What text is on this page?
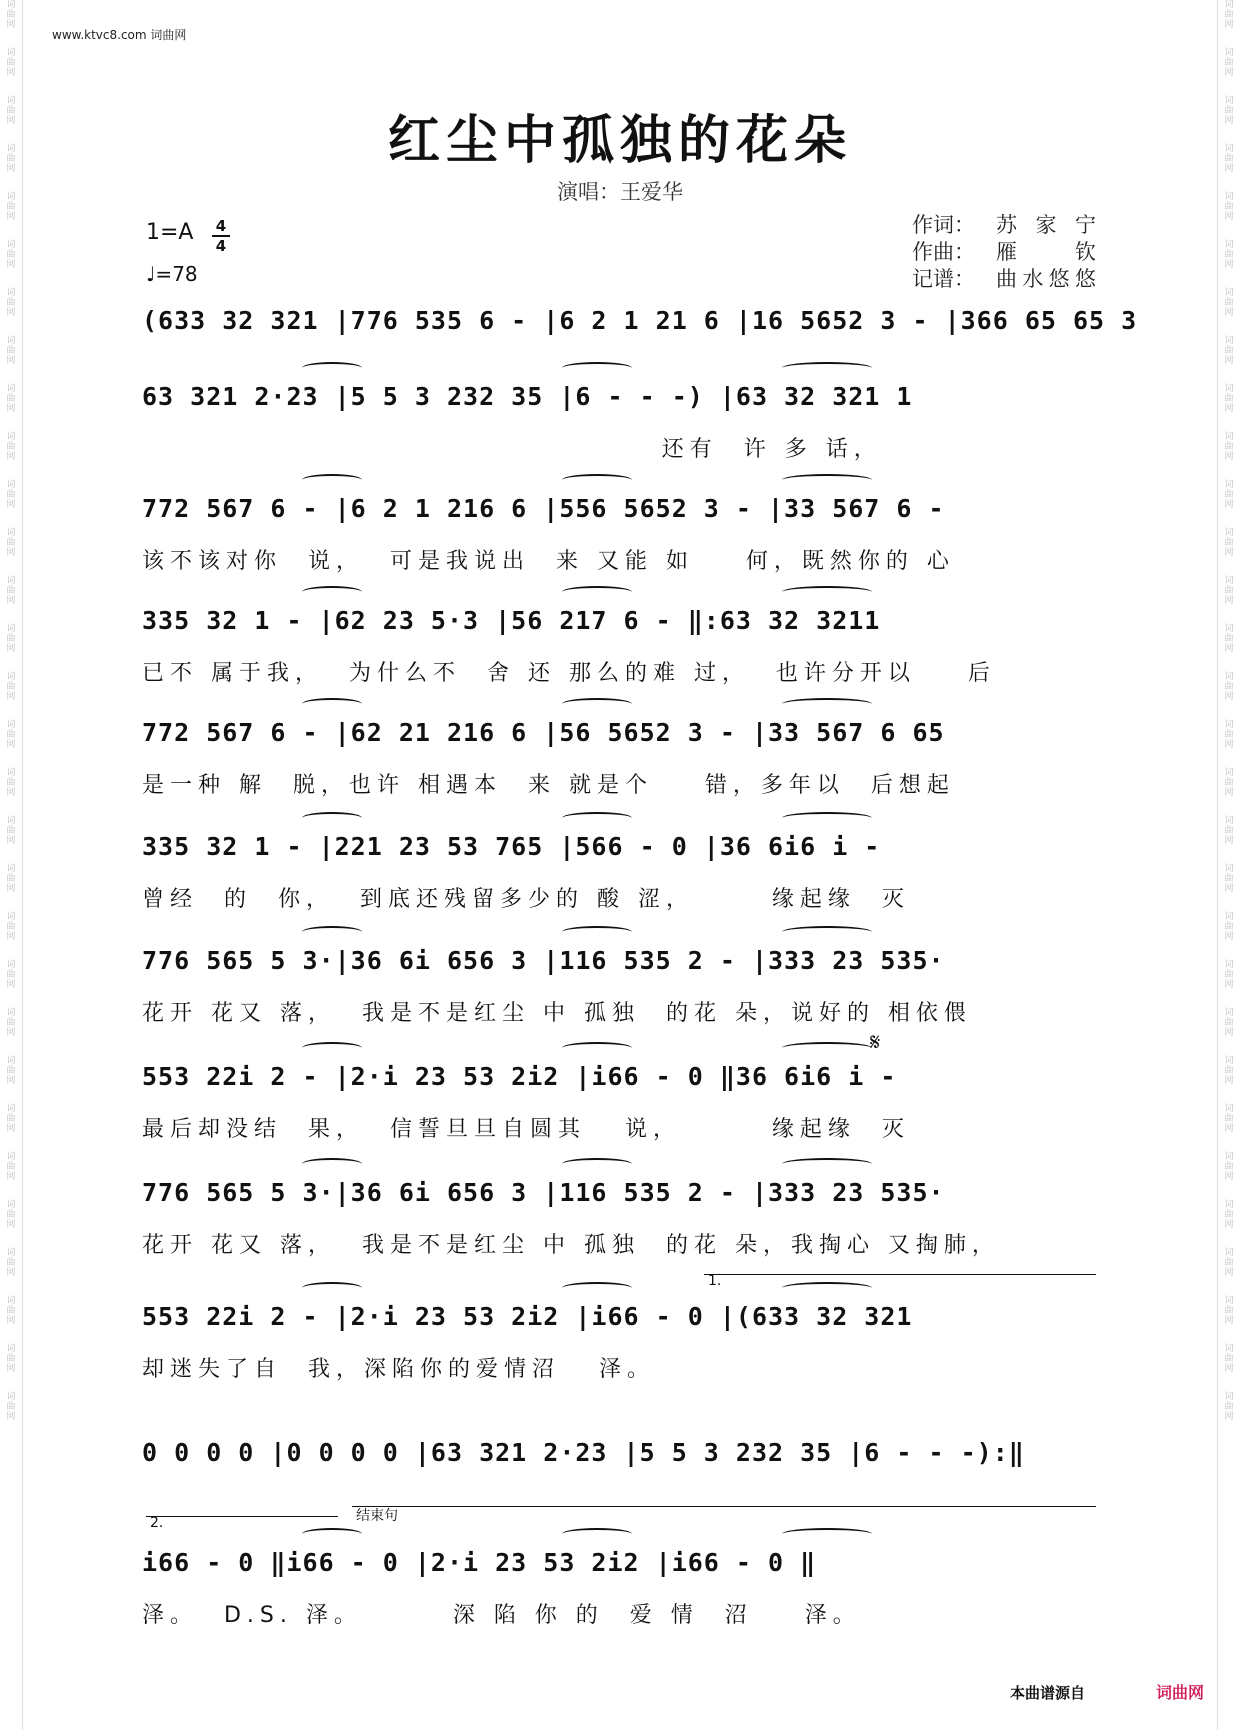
词
曲
网
词
曲
网
词
曲
网
词
曲
网
词
曲
网
词
曲
网
词
曲
网
词
曲
网
词
曲
网
词
曲
网
词
曲
网
词
曲
网
词
曲
网
词
曲
网
词
曲
网
词
曲
网
词
曲
网
词
曲
网
词
曲
网
词
曲
网
词
曲
网
词
曲
网
词
曲
网
词
曲
网
词
曲
网
词
曲
网
词
曲
网
词
曲
网
词
曲
网
词
曲
网
词
曲
网
词
曲
网
词
曲
网
词
曲
网
词
曲
网
词
曲
网
词
曲
网
词
曲
网
词
曲
网
词
曲
网
词
曲
网
词
曲
网
词
曲
网
词
曲
网
词
曲
网
词
曲
网
词
曲
网
词
曲
网
词
曲
网
词
曲
网
词
曲
网
词
曲
网
词
曲
网
词
曲
网
词
曲
网
词
曲
网
词
曲
网
词
曲
网
词
曲
网
词
曲
网
www.ktvc8.com 词曲网
红尘中孤独的花朵
演唱：王爱华
1=A 4
4
♩=78
作词：	苏 家 宁
作曲：	雁	钦
记谱：	曲 水 悠 悠
(633 32 321 |776 535 6 - |6 2 1 21 6 |16 5652 3 - |366 65 65 3
63 321 2·23 |5 5 3 232 35 |6 - - -) |63 32 321 1
还有  许 多 话，
772 567 6 - |6 2 1 216 6 |556 5652 3 - |33 567 6 -
该不该对你  说，  可是我说出  来 又能 如    何，既然你的 心
335 32 1 - |62 23 5·3 |56 217 6 - ‖:63 32 3211
已不 属于我，  为什么不  舍 还 那么的难 过，  也许分开以    后
772 567 6 - |62 21 216 6 |56 5652 3 - |33 567 6 65
是一种 解  脱，也许 相遇本  来 就是个    错，多年以  后想起
335 32 1 - |221 23 53 765 |566 - 0 |36 6i6 i -
曾经  的  你，  到底还残留多少的 酸 涩，      缘起缘  灭
776 565 5 3·|36 6i 656 3 |116 535 2 - |333 23 535·
花开 花又 落，  我是不是红尘 中 孤独  的花 朵，说好的 相依偎
553 22i 2 - |2·i 23 53 2i2 |i66 - 0 ‖36 6i6 i -
最后却没结  果，  信誓旦旦自圆其   说，       缘起缘  灭
776 565 5 3·|36 6i 656 3 |116 535 2 - |333 23 535·
花开 花又 落，  我是不是红尘 中 孤独  的花 朵，我掏心 又掏肺，
553 22i 2 - |2·i 23 53 2i2 |i66 - 0 |(633 32 321
却迷失了自  我，深陷你的爱情沼   泽。
0 0 0 0 |0 0 0 0 |63 321 2·23 |5 5 3 232 35 |6 - - -):‖
i66 - 0 ‖i66 - 0 |2·i 23 53 2i2 |i66 - 0 ‖
泽。  D.S. 泽。       深 陷 你 的  爱 情  沼    泽。
𝄋
1.
2.	结束句
本曲谱源自	词曲网
